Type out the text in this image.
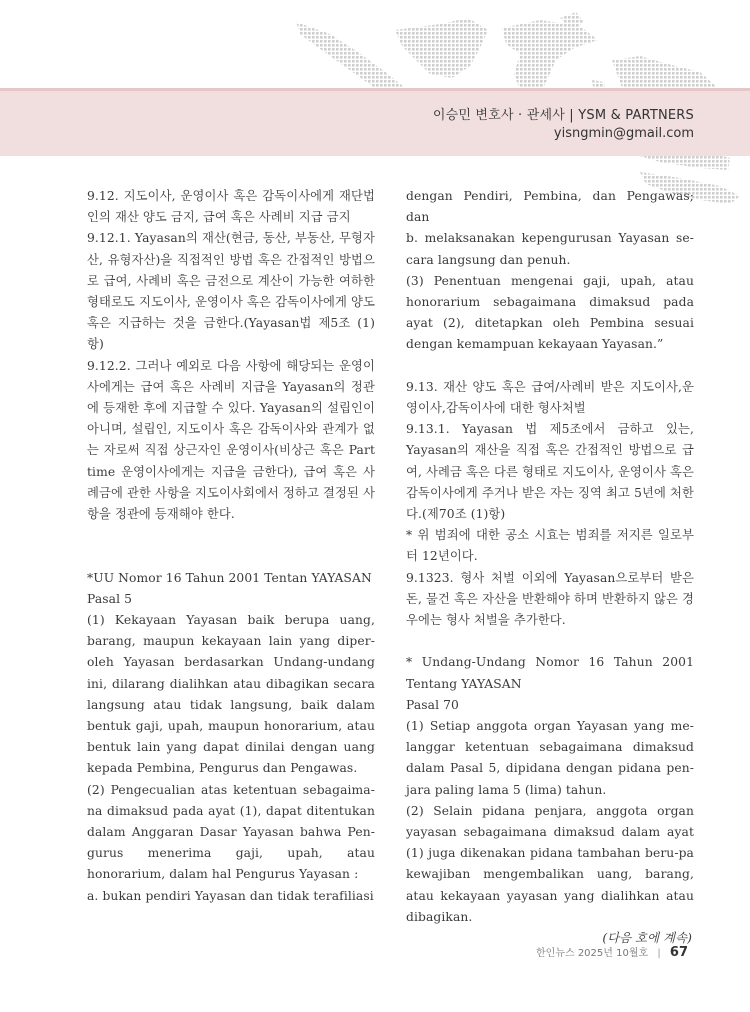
이승민 변호사 · 관세사 | YSM & PARTNERS
yisngmin@gmail.com

9.12. 지도이사, 운영이사 혹은 감독이사에게 재단법인의 재산 양도 금지, 급여 혹은 사례비 지급 금지

9.12.1. Yayasan의 재산(현금, 동산, 부동산, 무형자산, 유형자산)을 직접적인 방법 혹은 간접적인 방법으로 급여, 사례비 혹은 금전으로 계산이 가능한 여하한 형태로도 지도이사, 운영이사 혹은 감독이사에게 양도 혹은 지급하는 것을 금한다.(Yayasan법 제5조 (1)항)

9.12.2. 그러나 예외로 다음 사항에 해당되는 운영이사에게는 급여 혹은 사례비 지급을 Yayasan의 정관에 등재한 후에 지급할 수 있다. Yayasan의 설립인이 아니며, 설립인, 지도이사 혹은 감독이사와 관계가 없는 자로써 직접 상근자인 운영이사(비상근 혹은 Part time 운영이사에게는 지급을 금한다), 급여 혹은 사례금에 관한 사항을 지도이사회에서 정하고 결정된 사항을 정관에 등재해야 한다.

*UU Nomor 16 Tahun 2001 Tentan YAYASAN

Pasal 5

(1) Kekayaan Yayasan baik berupa uang, barang, maupun kekayaan lain yang diper-oleh Yayasan berdasarkan Undang-undang ini, dilarang dialihkan atau dibagikan secara langsung atau tidak langsung, baik dalam bentuk gaji, upah, maupun honorarium, atau bentuk lain yang dapat dinilai dengan uang kepada Pembina, Pengurus dan Pengawas.

(2) Pengecualian atas ketentuan sebagaima-na dimaksud pada ayat (1), dapat ditentukan dalam Anggaran Dasar Yayasan bahwa Pen-gurus menerima gaji, upah, atau honorarium, dalam hal Pengurus Yayasan :

a. bukan pendiri Yayasan dan tidak terafiliasi

dengan Pendiri, Pembina, dan Pengawas; dan

b. melaksanakan kepengurusan Yayasan se-cara langsung dan penuh.

(3) Penentuan mengenai gaji, upah, atau honorarium sebagaimana dimaksud pada ayat (2), ditetapkan oleh Pembina sesuai dengan kemampuan kekayaan Yayasan.”

9.13. 재산 양도 혹은 급여/사례비 받은 지도이사,운영이사,감독이사에 대한 형사처벌

9.13.1. Yayasan 법 제5조에서 금하고 있는, Yayasan의 재산을 직접 혹은 간접적인 방법으로 급여, 사례금 혹은 다른 형태로 지도이사, 운영이사 혹은 감독이사에게 주거나 받은 자는 징역 최고 5년에 처한다.(제70조 (1)항)

* 위 범죄에 대한 공소 시효는 범죄를 저지른 일로부터 12년이다.

9.1323. 형사 처벌 이외에 Yayasan으로부터 받은 돈, 물건 혹은 자산을 반환해야 하며 반환하지 않은 경우에는 형사 처벌을 추가한다.

* Undang-Undang Nomor 16 Tahun 2001 Tentang YAYASAN

Pasal 70

(1) Setiap anggota organ Yayasan yang me-langgar ketentuan sebagaimana dimaksud dalam Pasal 5, dipidana dengan pidana pen-jara paling lama 5 (lima) tahun.

(2) Selain pidana penjara, anggota organ yayasan sebagaimana dimaksud dalam ayat (1) juga dikenakan pidana tambahan beru-pa kewajiban mengembalikan uang, barang, atau kekayaan yayasan yang dialihkan atau dibagikan.

(다음 호에 계속)

한인뉴스 2025년 10월호 | 67
